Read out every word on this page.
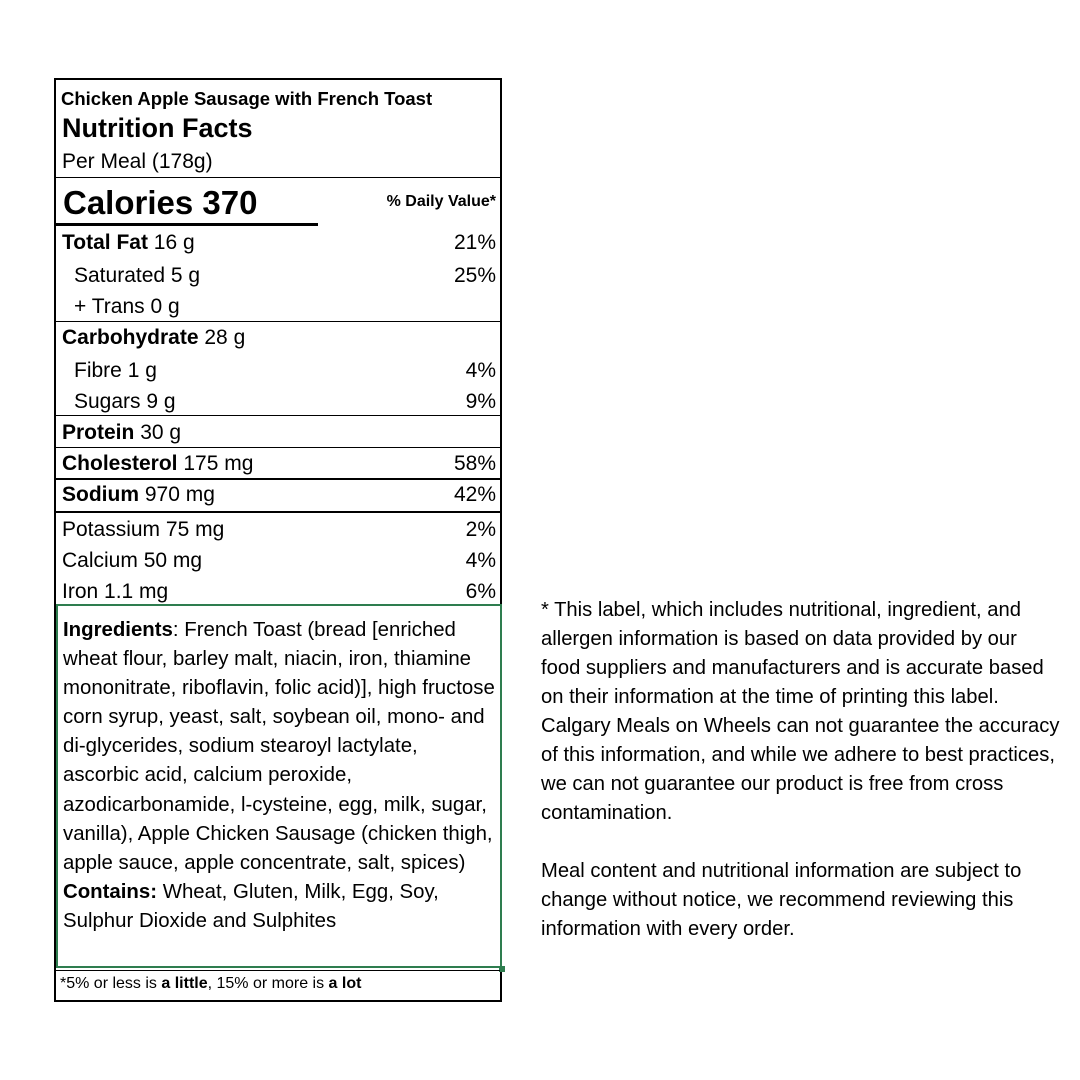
Chicken Apple Sausage with French Toast
Nutrition Facts
Per Meal (178g)
Calories 370	% Daily Value*
Total Fat 16 g	21%
Saturated 5 g	25%
+ Trans 0 g
Carbohydrate 28 g
Fibre 1 g	4%
Sugars 9 g	9%
Protein 30 g
Cholesterol 175 mg	58%
Sodium 970 mg	42%
Potassium 75 mg	2%
Calcium 50 mg	4%
Iron 1.1 mg	6%

Ingredients: French Toast (bread [enriched wheat flour, barley malt, niacin, iron, thiamine mononitrate, riboflavin, folic acid)], high fructose corn syrup, yeast, salt, soybean oil, mono- and di-glycerides, sodium stearoyl lactylate, ascorbic acid, calcium peroxide, azodicarbonamide, l-cysteine, egg, milk, sugar, vanilla), Apple Chicken Sausage (chicken thigh, apple sauce, apple concentrate, salt, spices)

Contains: Wheat, Gluten, Milk, Egg, Soy, Sulphur Dioxide and Sulphites

*5% or less is a little, 15% or more is a lot

* This label, which includes nutritional, ingredient, and allergen information is based on data provided by our food suppliers and manufacturers and is accurate based on their information at the time of printing this label. Calgary Meals on Wheels can not guarantee the accuracy of this information, and while we adhere to best practices, we can not guarantee our product is free from cross contamination.

Meal content and nutritional information are subject to change without notice, we recommend reviewing this information with every order.
